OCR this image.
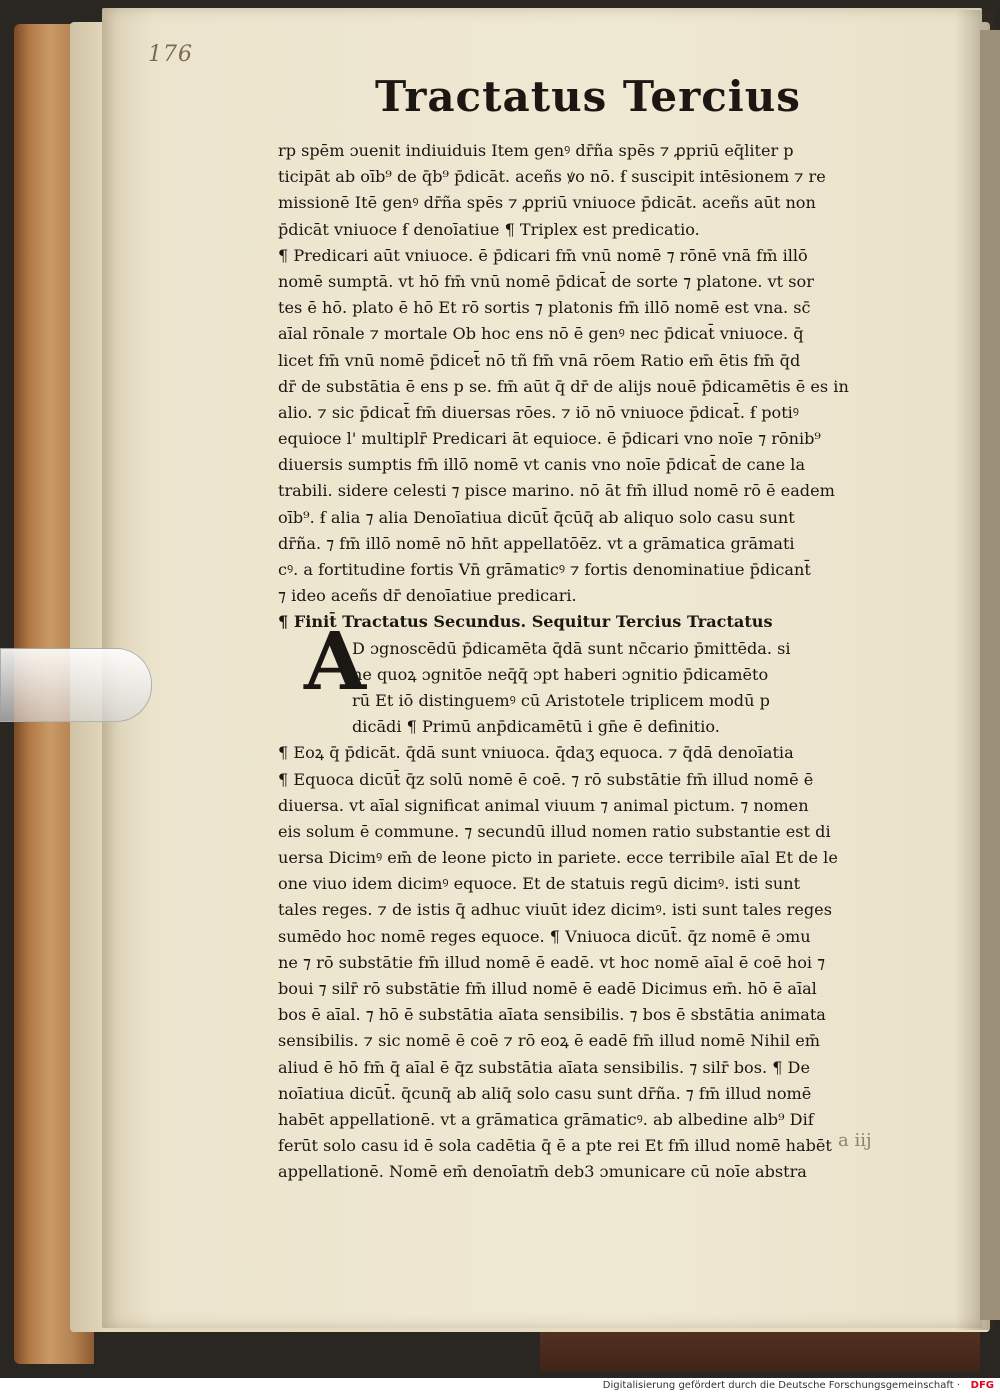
176
Tractatus Tercius
rp spēm ɔuenit indiuiduis Item genꝰ dr̄ña spēs ⁊ ꝓpriū eq̄liter p
ticipāt ab oīb⁹ de q̄b⁹ p̄dicāt. aceñs ꝟo nō. ẜ suscipit intēsionem ⁊ re
missionē Itē genꝰ dr̄ña spēs ⁊ ꝓpriū vniuoce p̄dicāt. aceñs aūt non
p̄dicāt vniuoce ẜ denoīatiue ¶ Triplex est predicatio.
¶ Predicari aūt vniuoce. ē p̄dicari fm̄ vnū nomē ⁊ rōnē vnā fm̄ illō
nomē sumptā. vt hō fm̄ vnū nomē p̄dicat̄ de sorte ⁊ platone. vt sor
tes ē hō. plato ē hō Et rō sortis ⁊ platonis fm̄ illō nomē est vna. sc̄
aīal rōnale ⁊ mortale Ob hoc ens nō ē genꝰ nec p̄dicat̄ vniuoce. q̄
licet fm̄ vnū nomē p̄dicet̄ nō tñ fm̄ vnā rōem Ratio em̄ ētis fm̄ q̄d
dr̄ de substātia ē ens p se. fm̄ aūt q̄ dr̄ de alijs nouē p̄dicamētis ē es in
alio. ⁊ sic p̄dicat̄ fm̄ diuersas rōes. ⁊ iō nō vniuoce p̄dicat̄. ẜ potiꝰ
equioce l' multiplr̄ Predicari āt equioce. ē p̄dicari vno noīe ⁊ rōnib⁹
diuersis sumptis fm̄ illō nomē vt canis vno noīe p̄dicat̄ de cane la
trabili. sidere celesti ⁊ pisce marino. nō āt fm̄ illud nomē rō ē eadem
oīb⁹. ẜ alia ⁊ alia Denoīatiua dicūt̄ q̄cūq̄ ab aliquo solo casu sunt
dr̄ña. ⁊ fm̄ illō nomē nō hn̄t appellatōēz. vt a grāmatica grāmati
cꝰ. a fortitudine fortis Vn̄ grāmaticꝰ ⁊ fortis denominatiue p̄dicant̄
⁊ ideo aceñs dr̄ denoīatiue predicari.
¶ Finit̄ Tractatus Secundus. Sequitur Tercius Tractatus
D ɔgnoscēdū p̄dicamēta q̄dā sunt nc̄cario p̄mittēda. si
ne quoꝝ ɔgnitōe neq̄q̄ ɔpt haberi ɔgnitio p̄dicamēto
rū Et iō distinguemꝰ cū Aristotele triplicem modū p
dicādi ¶ Primū anp̄dicamētū i gn̄e ē definitio.
¶ Eoꝝ q̄ p̄dicāt. q̄dā sunt vniuoca. q̄daʒ equoca. ⁊ q̄dā denoīatia
¶ Equoca dicūt̄ q̄z solū nomē ē coē. ⁊ rō substātie fm̄ illud nomē ē
diuersa. vt aīal significat animal viuum ⁊ animal pictum. ⁊ nomen
eis solum ē commune. ⁊ secundū illud nomen ratio substantie est di
uersa Dicimꝰ em̄ de leone picto in pariete. ecce terribile aīal Et de le
one viuo idem dicimꝰ equoce. Et de statuis regū dicimꝰ. isti sunt
tales reges. ⁊ de istis q̄ adhuc viuūt idez dicimꝰ. isti sunt tales reges
sumēdo hoc nomē reges equoce. ¶ Vniuoca dicūt̄. q̄z nomē ē ɔmu
ne ⁊ rō substātie fm̄ illud nomē ē eadē. vt hoc nomē aīal ē coē hoi ⁊
boui ⁊ silr̄ rō substātie fm̄ illud nomē ē eadē Dicimus em̄. hō ē aīal
bos ē aīal. ⁊ hō ē substātia aīata sensibilis. ⁊ bos ē sbstātia animata
sensibilis. ⁊ sic nomē ē coē ⁊ rō eoꝝ ē eadē fm̄ illud nomē Nihil em̄
aliud ē hō fm̄ q̄ aīal ē q̄z substātia aīata sensibilis. ⁊ silr̄ bos. ¶ De
noīatiua dicūt̄. q̄cunq̄ ab aliq̄ solo casu sunt dr̄ña. ⁊ fm̄ illud nomē
habēt appellationē. vt a grāmatica grāmaticꝰ. ab albedine alb⁹ Dif
ferūt solo casu id ē sola cadētia q̄ ē a pte rei Et fm̄ illud nomē habēt
appellationē. Nomē em̄ denoīatm̄ deb3 ɔmunicare cū noīe abstra
A
a iij
Digitalisierung gefördert durch die Deutsche Forschungsgemeinschaft · DFG
